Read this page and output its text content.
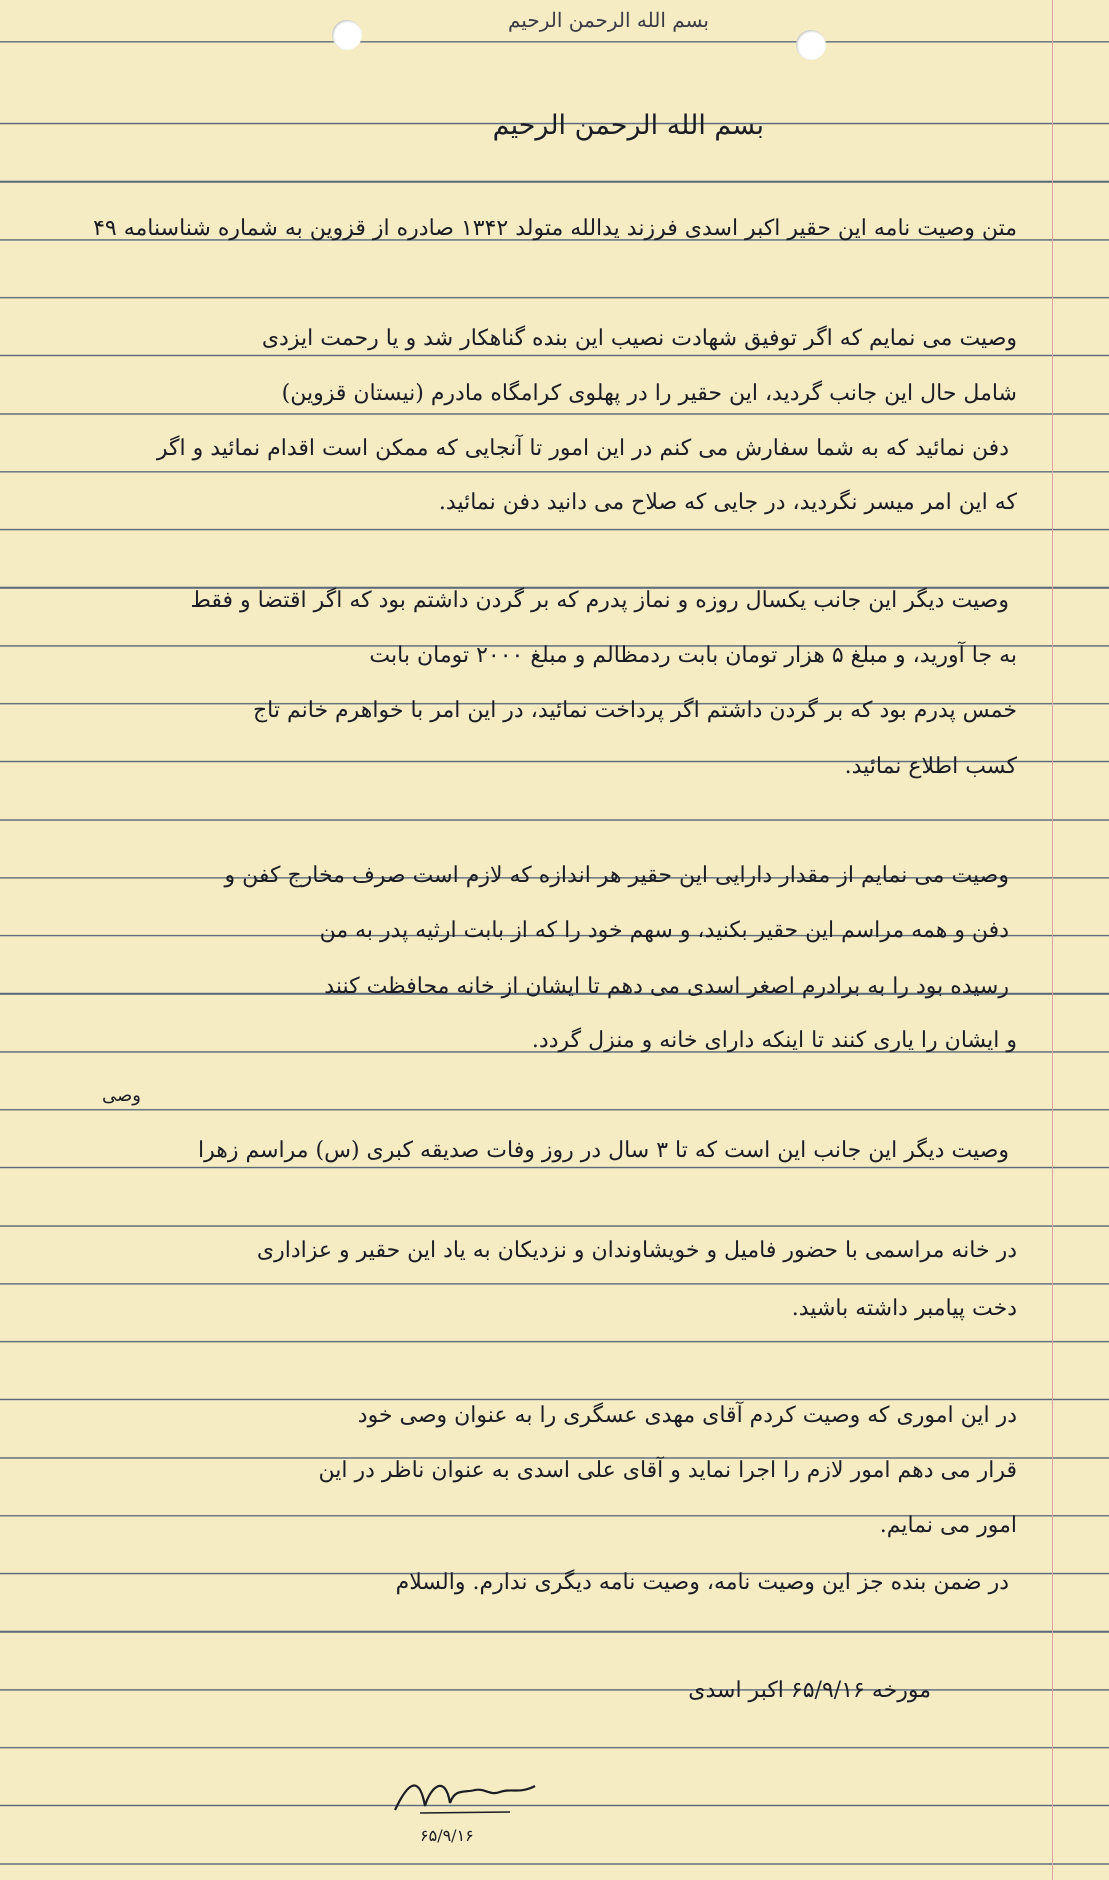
بسم الله الرحمن الرحیم
بسم الله الرحمن الرحیم
متن وصیت نامه این حقیر اکبر اسدی فرزند یدالله متولد ۱۳۴۲ صادره از قزوین به شماره شناسنامه ۴۹
وصیت می نمایم که اگر توفیق شهادت نصیب این بنده گناهکار شد و یا رحمت ایزدی
شامل حال این جانب گردید، این حقیر را در پهلوی کرامگاه مادرم (نیستان قزوین)
دفن نمائید که به شما سفارش می کنم در این امور تا آنجایی که ممکن است اقدام نمائید و اگر
که این امر میسر نگردید، در جایی که صلاح می دانید دفن نمائید.
وصیت دیگر این جانب یکسال روزه و نماز پدرم که بر گردن داشتم بود که اگر اقتضا و فقط
به جا آورید، و مبلغ ۵ هزار تومان بابت ردمظالم و مبلغ ۲۰۰۰ تومان بابت
خمس پدرم بود که بر گردن داشتم اگر پرداخت نمائید، در این امر با خواهرم خانم تاج
کسب اطلاع نمائید.
وصیت می نمایم از مقدار دارایی این حقیر هر اندازه که لازم است صرف مخارج کفن و
دفن و همه مراسم این حقیر بکنید، و سهم خود را که از بابت ارثیه پدر به من
رسیده بود را به برادرم اصغر اسدی می دهم تا ایشان از خانه محافظت کنند
و ایشان را یاری کنند تا اینکه دارای خانه و منزل گردد.
وصی
وصیت دیگر این جانب این است که تا ۳ سال در روز وفات صدیقه کبری (س) مراسم زهرا
در خانه مراسمی با حضور فامیل و خویشاوندان و نزدیکان به یاد این حقیر و عزاداری
دخت پیامبر داشته باشید.
در این اموری که وصیت کردم آقای مهدی عسگری را به عنوان وصی خود
قرار می دهم امور لازم را اجرا نماید و آقای علی اسدی به عنوان ناظر در این
امور می نمایم.
در ضمن بنده جز این وصیت نامه، وصیت نامه دیگری ندارم. والسلام
مورخه ۶۵/۹/۱۶ اکبر اسدی
۶۵/۹/۱۶
